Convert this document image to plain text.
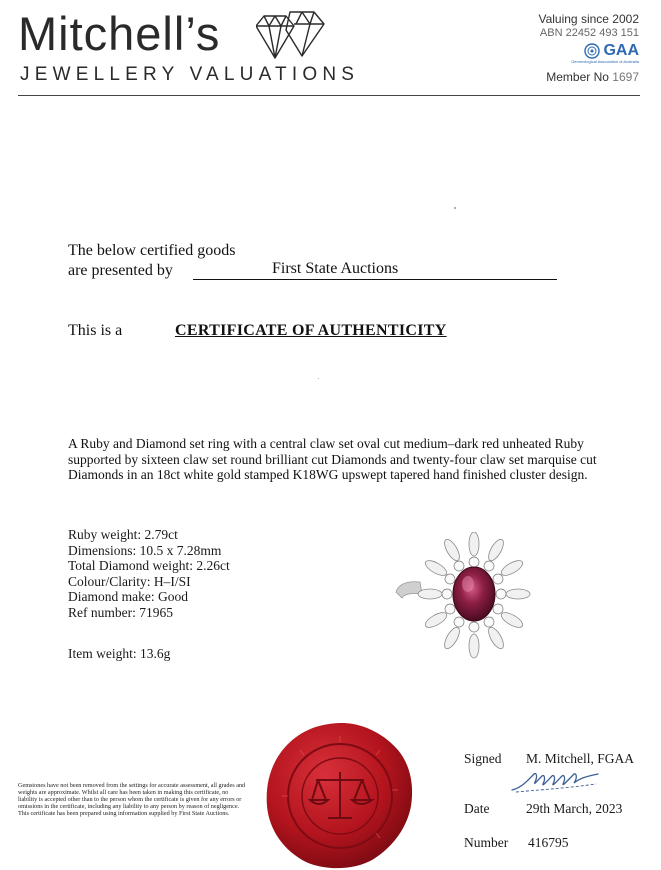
Mitchell’s
JEWELLERY VALUATIONS
Valuing since 2002
ABN 22452 493 151
GAA
Gemmological Association of Australia
Member No 1697
The below certified goods
are presented by	First State Auctions
This is a	CERTIFICATE OF AUTHENTICITY
A Ruby and Diamond set ring with a central claw set oval cut medium–dark red unheated Ruby supported by sixteen claw set round brilliant cut Diamonds and twenty-four claw set marquise cut Diamonds in an 18ct white gold stamped K18WG upswept tapered hand finished cluster design.
Ruby weight: 2.79ct
Dimensions: 10.5 x 7.28mm
Total Diamond weight: 2.26ct
Colour/Clarity: H–I/SI
Diamond make: Good
Ref number: 71965
Item weight: 13.6g
Gemstones have not been removed from the settings for accurate assessment, all grades and weights are approximate. Whilst all care has been taken in making this certificate, no liability is accepted other than to the person whom the certificate is given for any errors or omissions in the certificate, including any liability to any person by reason of negligence. This certificate has been prepared using information supplied by First State Auctions.
Signed M. Mitchell, FGAA
Date	29th March, 2023
Number 416795
